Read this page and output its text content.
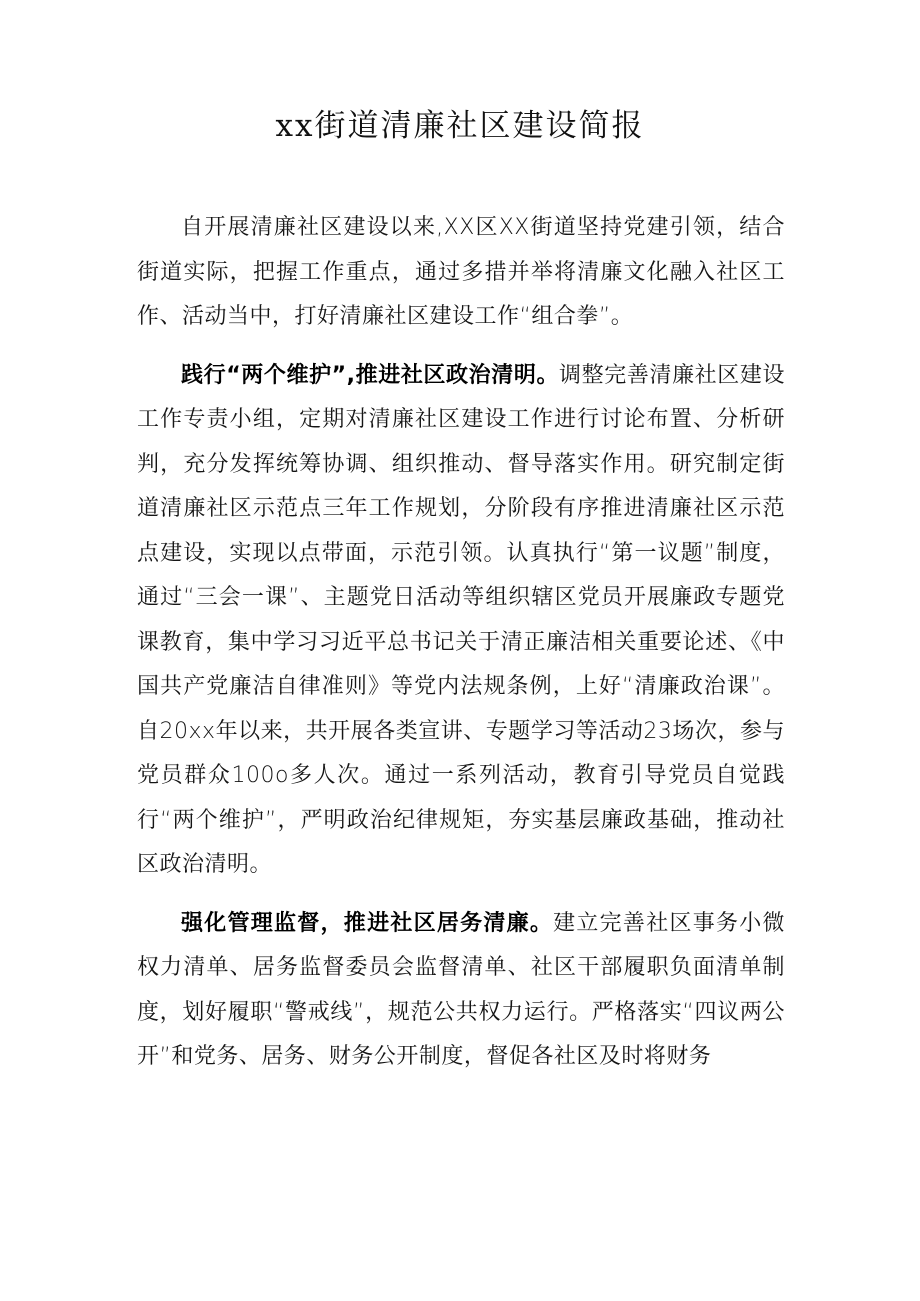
xx街道清廉社区建设简报

自开展清廉社区建设以来,XX区XX街道坚持党建引领，结合街道实际，把握工作重点，通过多措并举将清廉文化融入社区工作、活动当中，打好清廉社区建设工作“组合拳”。

践行“两个维护”,推进社区政治清明。调整完善清廉社区建设工作专责小组，定期对清廉社区建设工作进行讨论布置、分析研判，充分发挥统筹协调、组织推动、督导落实作用。研究制定街道清廉社区示范点三年工作规划，分阶段有序推进清廉社区示范点建设，实现以点带面，示范引领。认真执行“第一议题”制度，通过“三会一课”、主题党日活动等组织辖区党员开展廉政专题党课教育，集中学习习近平总书记关于清正廉洁相关重要论述、《中国共产党廉洁自律准则》等党内法规条例，上好“清廉政治课”。自20xx年以来，共开展各类宣讲、专题学习等活动23场次，参与党员群众100o多人次。通过一系列活动，教育引导党员自觉践行“两个维护”，严明政治纪律规矩，夯实基层廉政基础，推动社区政治清明。

强化管理监督，推进社区居务清廉。建立完善社区事务小微权力清单、居务监督委员会监督清单、社区干部履职负面清单制度，划好履职“警戒线”，规范公共权力运行。严格落实“四议两公开”和党务、居务、财务公开制度，督促各社区及时将财务
